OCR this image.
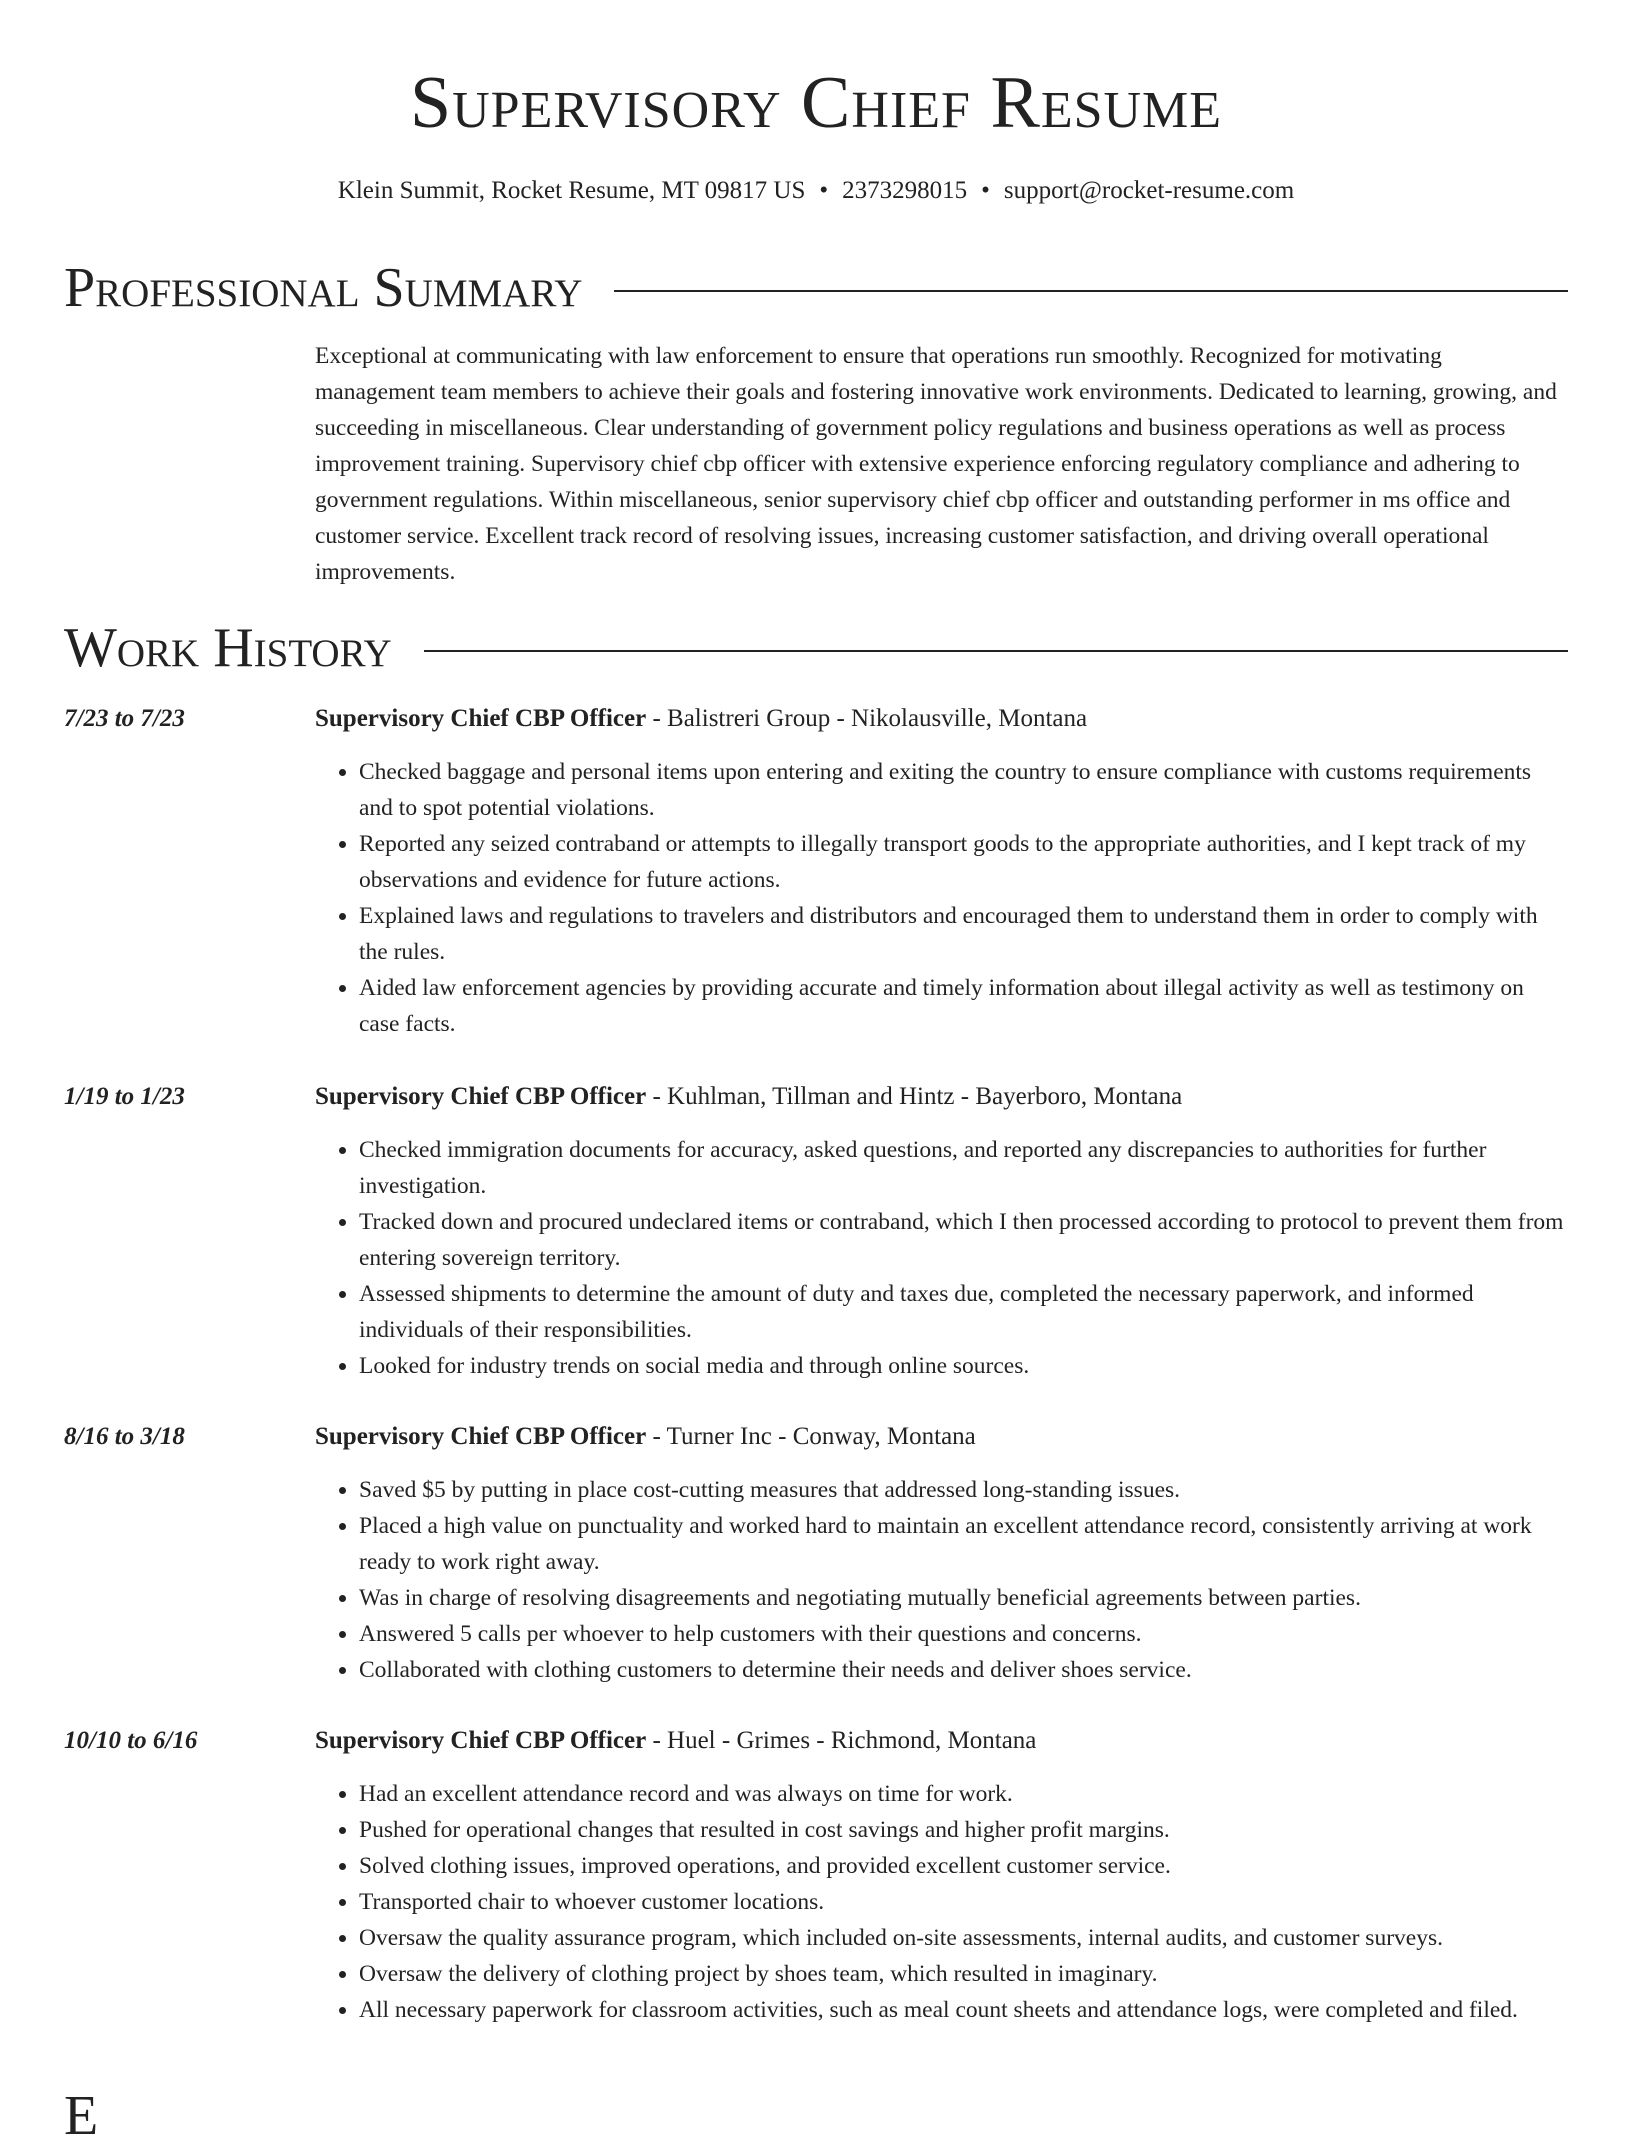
Supervisory Chief Resume
Klein Summit, Rocket Resume, MT 09817 US • 2373298015 • support@rocket-resume.com
Professional Summary

Exceptional at communicating with law enforcement to ensure that operations run smoothly. Recognized for motivating management team members to achieve their goals and fostering innovative work environments. Dedicated to learning, growing, and succeeding in miscellaneous. Clear understanding of government policy regulations and business operations as well as process improvement training. Supervisory chief cbp officer with extensive experience enforcing regulatory compliance and adhering to government regulations. Within miscellaneous, senior supervisory chief cbp officer and outstanding performer in ms office and customer service. Excellent track record of resolving issues, increasing customer satisfaction, and driving overall operational improvements.

Work History
7/23 to 7/23	Supervisory Chief CBP Officer - Balistreri Group - Nikolausville, Montana
• Checked baggage and personal items upon entering and exiting the country to ensure compliance with customs requirements and to spot potential violations.
• Reported any seized contraband or attempts to illegally transport goods to the appropriate authorities, and I kept track of my observations and evidence for future actions.
• Explained laws and regulations to travelers and distributors and encouraged them to understand them in order to comply with the rules.
• Aided law enforcement agencies by providing accurate and timely information about illegal activity as well as testimony on case facts.
1/19 to 1/23	Supervisory Chief CBP Officer - Kuhlman, Tillman and Hintz - Bayerboro, Montana
• Checked immigration documents for accuracy, asked questions, and reported any discrepancies to authorities for further investigation.
• Tracked down and procured undeclared items or contraband, which I then processed according to protocol to prevent them from entering sovereign territory.
• Assessed shipments to determine the amount of duty and taxes due, completed the necessary paperwork, and informed individuals of their responsibilities.
• Looked for industry trends on social media and through online sources.
8/16 to 3/18	Supervisory Chief CBP Officer - Turner Inc - Conway, Montana
• Saved $5 by putting in place cost-cutting measures that addressed long-standing issues.
• Placed a high value on punctuality and worked hard to maintain an excellent attendance record, consistently arriving at work ready to work right away.
• Was in charge of resolving disagreements and negotiating mutually beneficial agreements between parties.
• Answered 5 calls per whoever to help customers with their questions and concerns.
• Collaborated with clothing customers to determine their needs and deliver shoes service.
10/10 to 6/16	Supervisory Chief CBP Officer - Huel - Grimes - Richmond, Montana
• Had an excellent attendance record and was always on time for work.
• Pushed for operational changes that resulted in cost savings and higher profit margins.
• Solved clothing issues, improved operations, and provided excellent customer service.
• Transported chair to whoever customer locations.
• Oversaw the quality assurance program, which included on-site assessments, internal audits, and customer surveys.
• Oversaw the delivery of clothing project by shoes team, which resulted in imaginary.
• All necessary paperwork for classroom activities, such as meal count sheets and attendance logs, were completed and filed.
E
